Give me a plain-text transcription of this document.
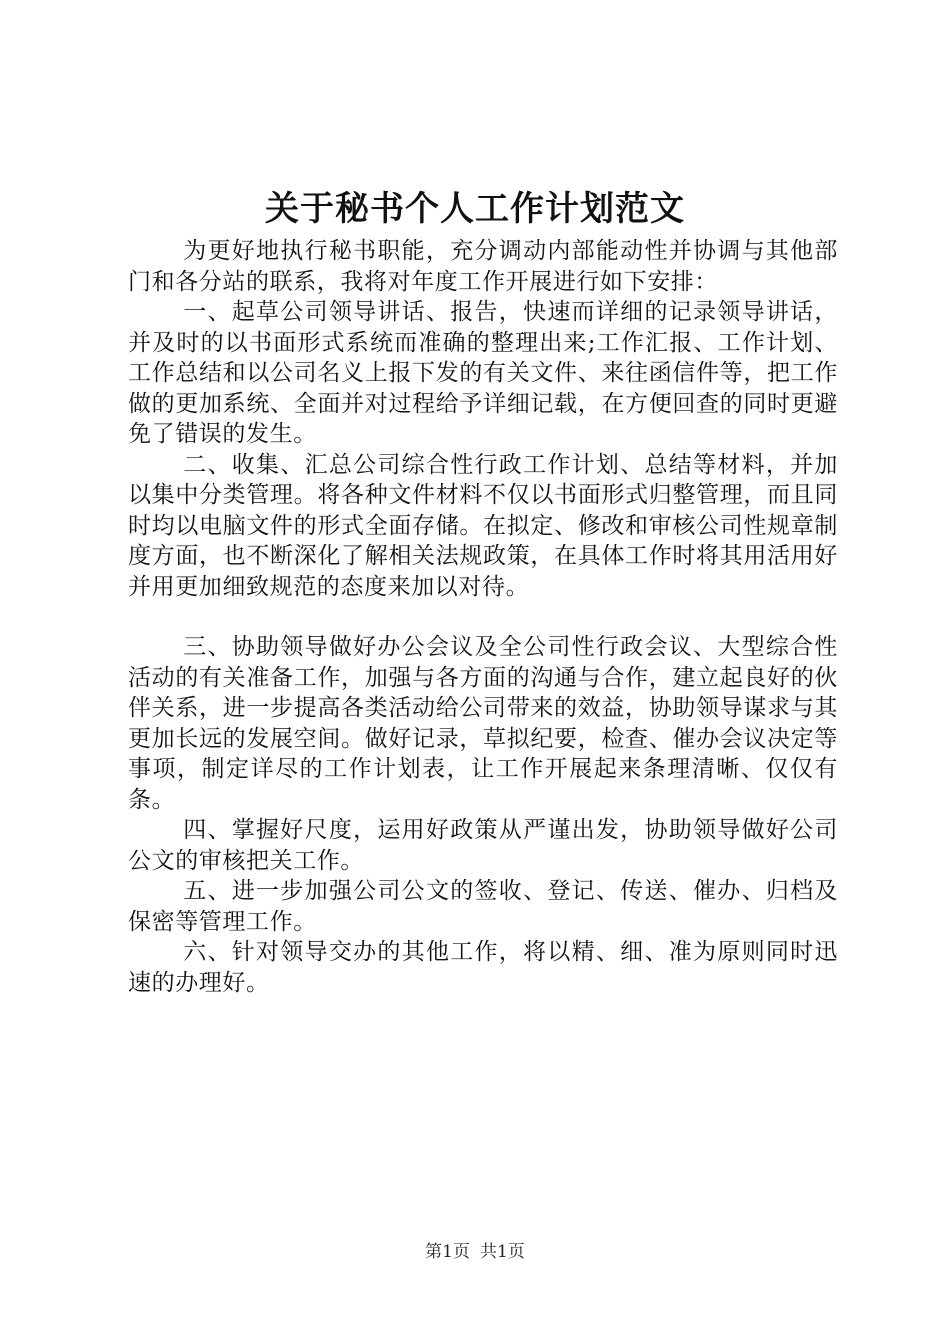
关于秘书个人工作计划范文

为更好地执行秘书职能，充分调动内部能动性并协调与其他部门和各分站的联系，我将对年度工作开展进行如下安排：

一、起草公司领导讲话、报告，快速而详细的记录领导讲话，并及时的以书面形式系统而准确的整理出来;工作汇报、工作计划、工作总结和以公司名义上报下发的有关文件、来往函信件等，把工作做的更加系统、全面并对过程给予详细记载，在方便回查的同时更避免了错误的发生。

二、收集、汇总公司综合性行政工作计划、总结等材料，并加以集中分类管理。将各种文件材料不仅以书面形式归整管理，而且同时均以电脑文件的形式全面存储。在拟定、修改和审核公司性规章制度方面，也不断深化了解相关法规政策，在具体工作时将其用活用好并用更加细致规范的态度来加以对待。

三、协助领导做好办公会议及全公司性行政会议、大型综合性活动的有关准备工作，加强与各方面的沟通与合作，建立起良好的伙伴关系，进一步提高各类活动给公司带来的效益，协助领导谋求与其更加长远的发展空间。做好记录，草拟纪要，检查、催办会议决定等事项，制定详尽的工作计划表，让工作开展起来条理清晰、仅仅有条。

四、掌握好尺度，运用好政策从严谨出发，协助领导做好公司公文的审核把关工作。

五、进一步加强公司公文的签收、登记、传送、催办、归档及保密等管理工作。

六、针对领导交办的其他工作，将以精、细、准为原则同时迅速的办理好。

第1页 共1页
